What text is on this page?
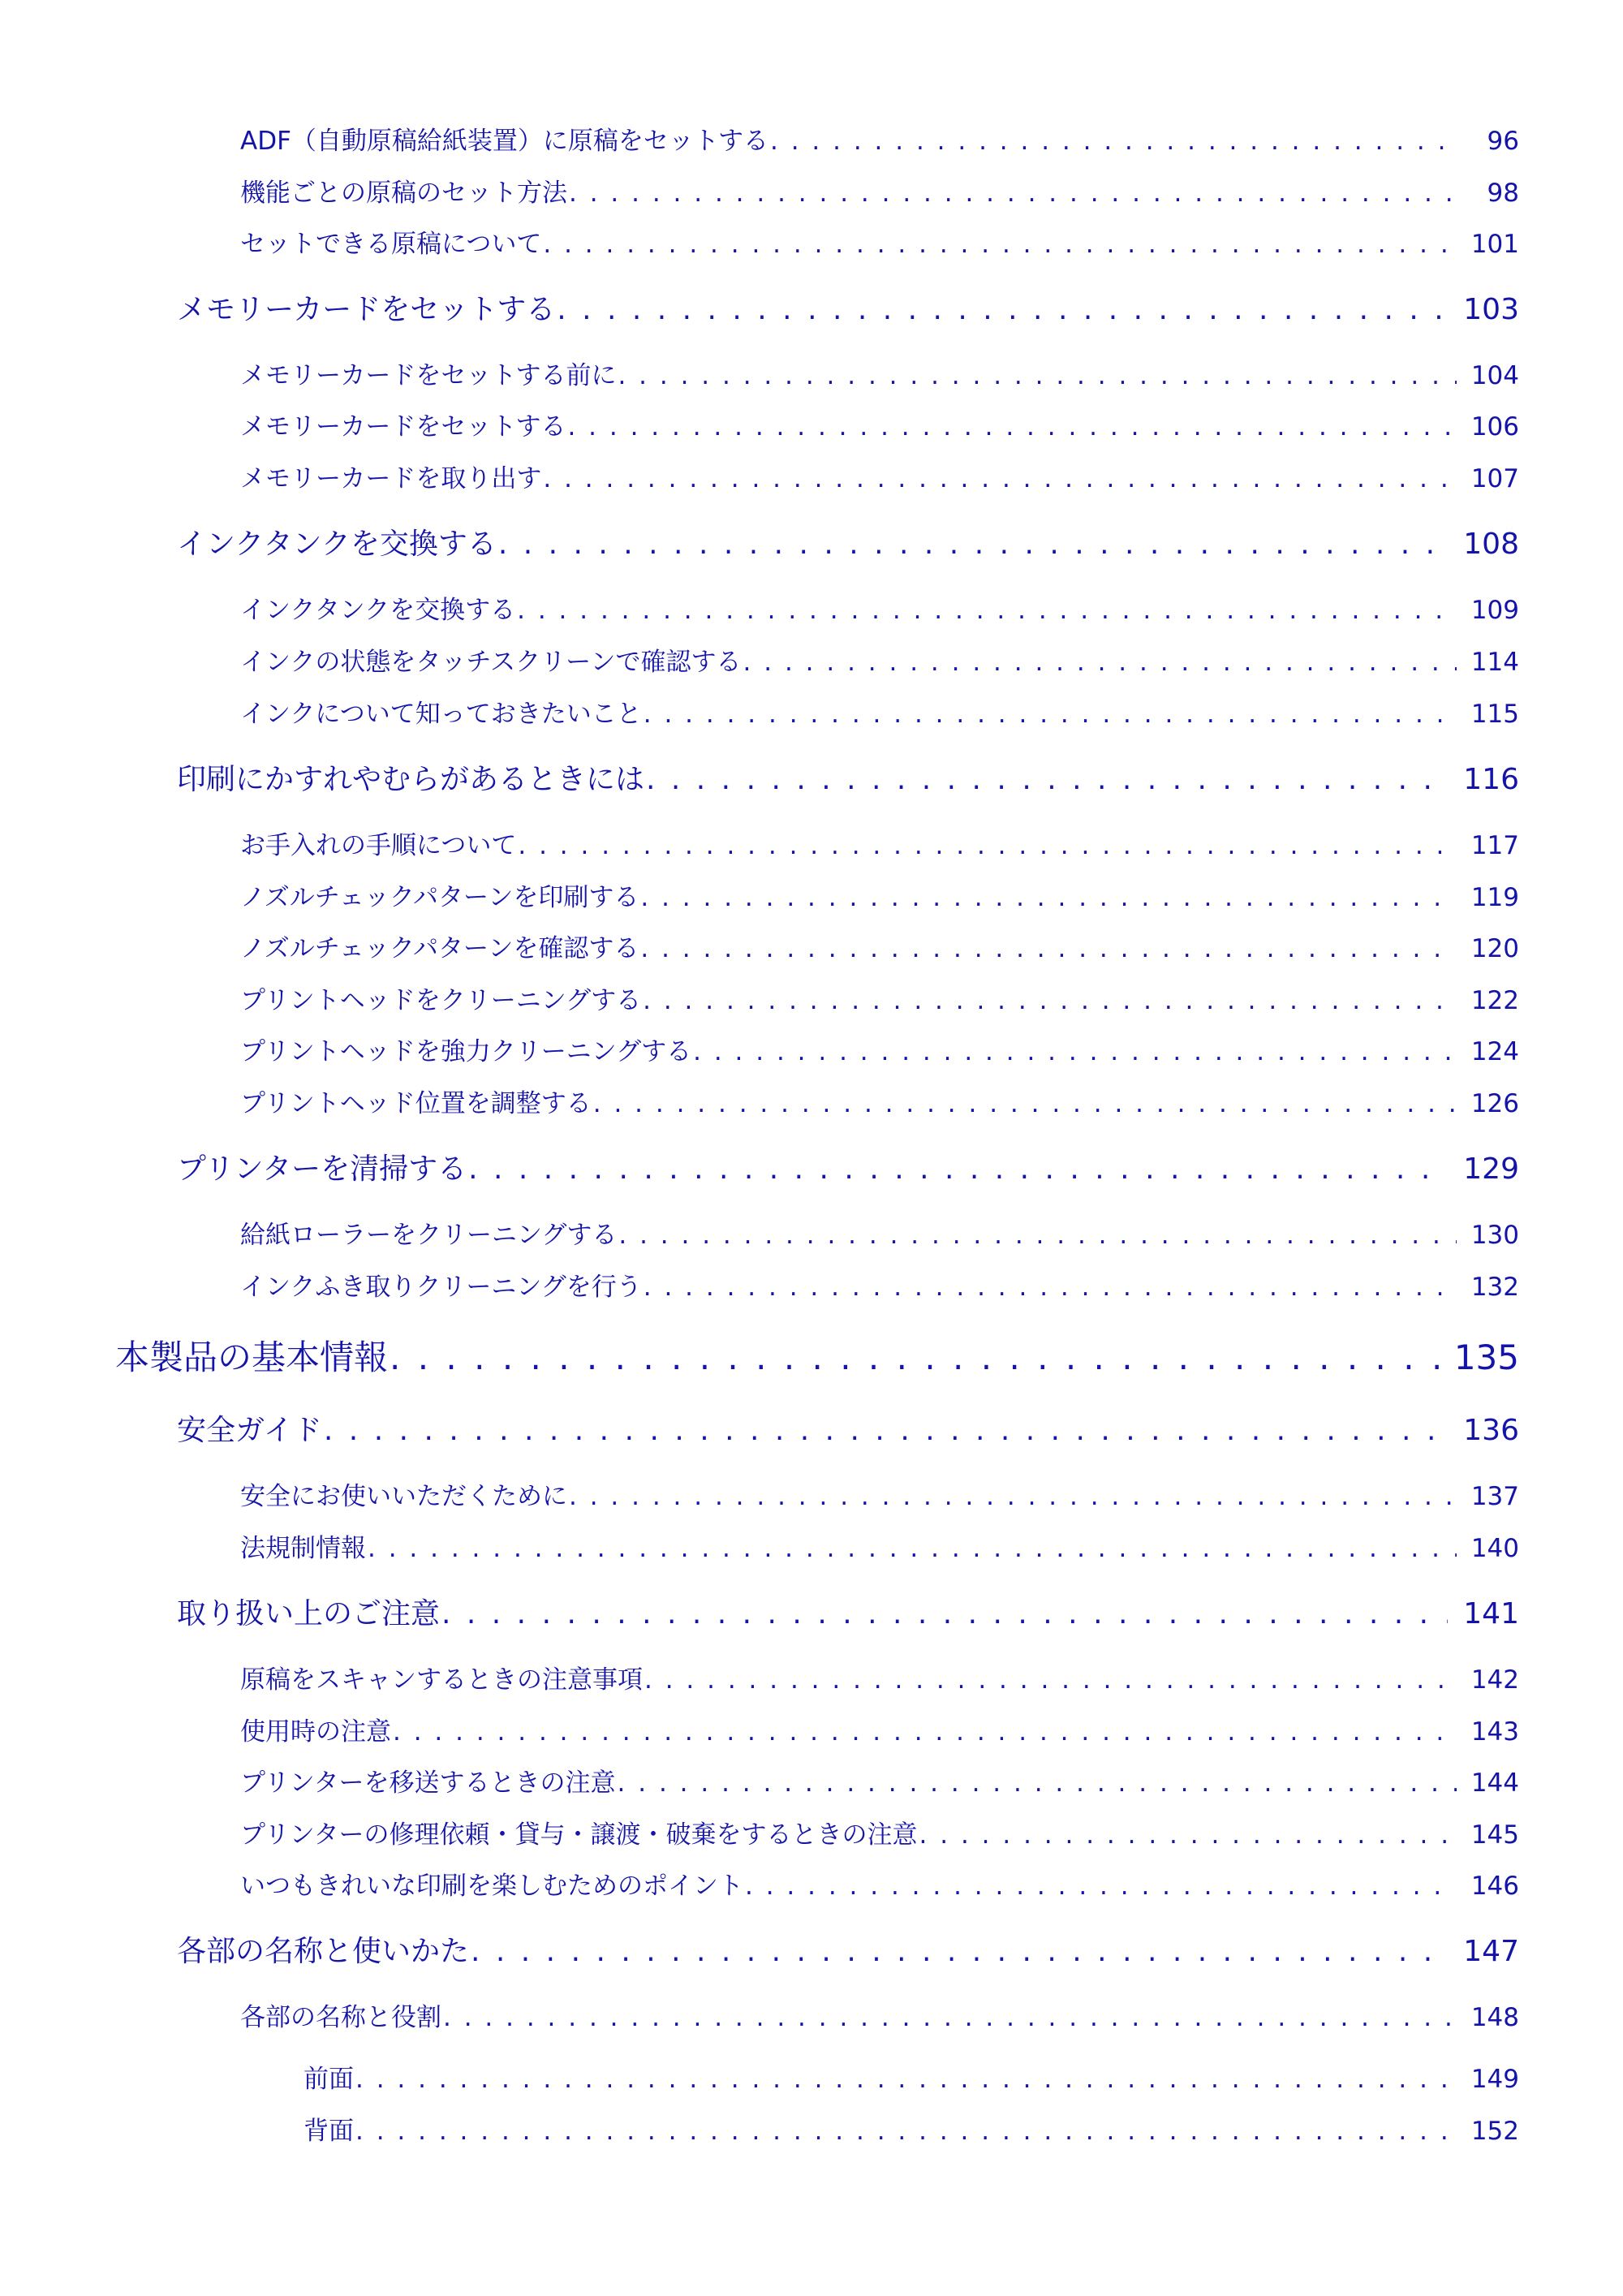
ADF（自動原稿給紙装置）に原稿をセットする . . .	96
機能ごとの原稿のセット方法 . . .	98
セットできる原稿について . . .	101
メモリーカードをセットする . . .	103
メモリーカードをセットする前に . . .	104
メモリーカードをセットする . . .	106
メモリーカードを取り出す . . .	107
インクタンクを交換する . . .	108
インクタンクを交換する . . .	109
インクの状態をタッチスクリーンで確認する . . .	114
インクについて知っておきたいこと . . .	115
印刷にかすれやむらがあるときには . . .	116
お手入れの手順について . . .	117
ノズルチェックパターンを印刷する . . .	119
ノズルチェックパターンを確認する . . .	120
プリントヘッドをクリーニングする . . .	122
プリントヘッドを強力クリーニングする . . .	124
プリントヘッド位置を調整する . . .	126
プリンターを清掃する . . .	129
給紙ローラーをクリーニングする . . .	130
インクふき取りクリーニングを行う . . .	132
本製品の基本情報 . . .	135
安全ガイド . . .	136
安全にお使いいただくために . . .	137
法規制情報 . . .	140
取り扱い上のご注意 . . .	141
原稿をスキャンするときの注意事項 . . .	142
使用時の注意 . . .	143
プリンターを移送するときの注意 . . .	144
プリンターの修理依頼・貸与・譲渡・破棄をするときの注意 . . .	145
いつもきれいな印刷を楽しむためのポイント . . .	146
各部の名称と使いかた . . .	147
各部の名称と役割 . . .	148
前面 . . .	149
背面 . . .	152
